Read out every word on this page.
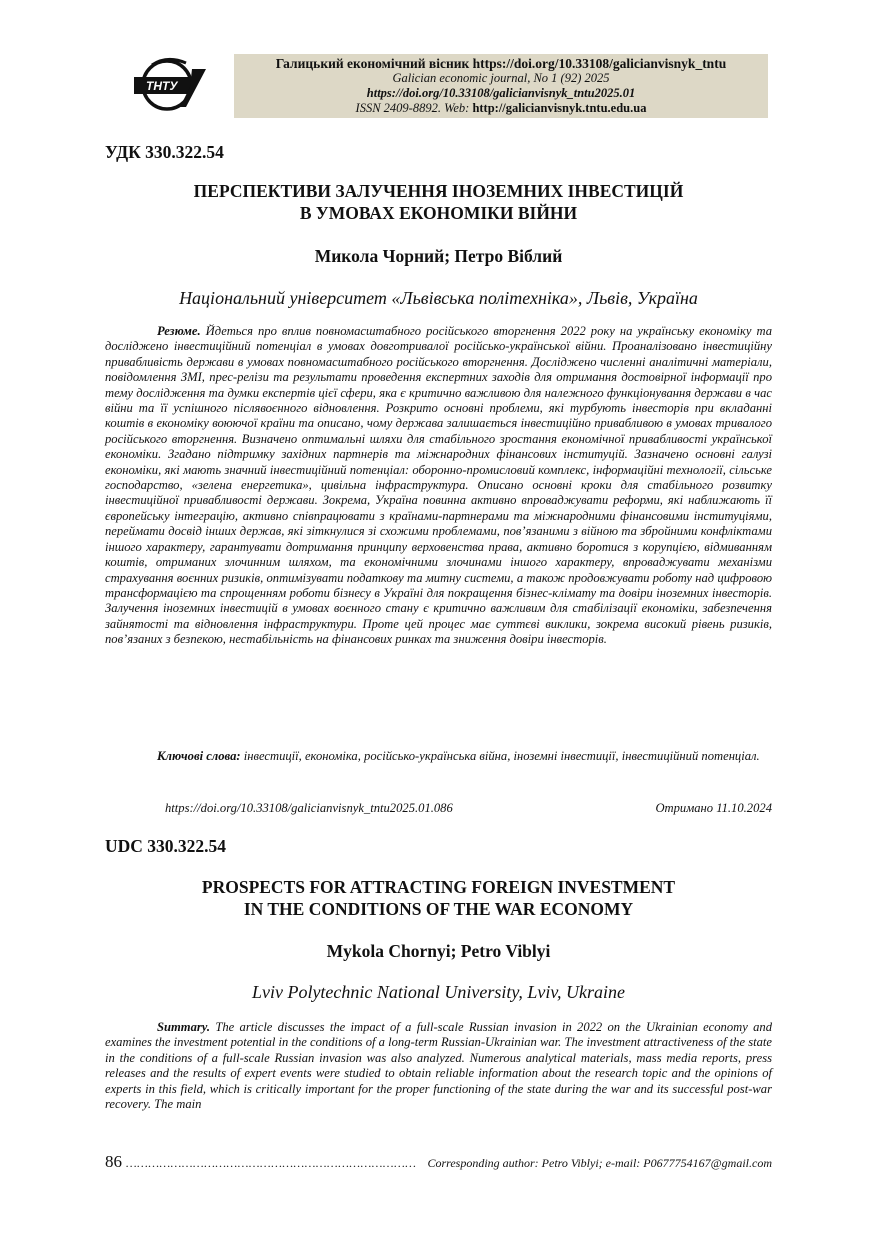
ТНТУ
Галицький економічний вісник https://doi.org/10.33108/galicianvisnyk_tntu
Galician economic journal, No 1 (92) 2025
https://doi.org/10.33108/galicianvisnyk_tntu2025.01
ISSN 2409-8892. Web: http://galicianvisnyk.tntu.edu.ua
УДК 330.322.54
ПЕРСПЕКТИВИ ЗАЛУЧЕННЯ ІНОЗЕМНИХ ІНВЕСТИЦІЙ
В УМОВАХ ЕКОНОМІКИ ВІЙНИ
Микола Чорний; Петро Віблий
Національний університет «Львівська політехніка», Львів, Україна

Резюме. Йдеться про вплив повномасштабного російського вторгнення 2022 року на українську економіку та досліджено інвестиційний потенціал в умовах довготривалої російсько-української війни. Проаналізовано інвестиційну привабливість держави в умовах повномасштабного російського вторгнення. Досліджено численні аналітичні матеріали, повідомлення ЗМІ, прес-релізи та результати проведення експертних заходів для отримання достовірної інформації про тему дослідження та думки експертів цієї сфери, яка є критично важливою для належного функціонування держави в час війни та її успішного післявоєнного відновлення. Розкрито основні проблеми, які турбують інвесторів при вкладанні коштів в економіку воюючої країни та описано, чому держава залишається інвестиційно привабливою в умовах тривалого російського вторгнення. Визначено оптимальні шляхи для стабільного зростання економічної привабливості української економіки. Згадано підтримку західних партнерів та міжнародних фінансових інституцій. Зазначено основні галузі економіки, які мають значний інвестиційний потенціал: оборонно-промисловий комплекс, інформаційні технології, сільське господарство, «зелена енергетика», цивільна інфраструктура. Описано основні кроки для стабільного розвитку інвестиційної привабливості держави. Зокрема, Україна повинна активно впроваджувати реформи, які наближають її європейську інтеграцію, активно співпрацювати з країнами-партнерами та міжнародними фінансовими інституціями, переймати досвід інших держав, які зіткнулися зі схожими проблемами, пов’язаними з війною та збройними конфліктами іншого характеру, гарантувати дотримання принципу верховенства права, активно боротися з корупцією, відмиванням коштів, отриманих злочинним шляхом, та економічними злочинами іншого характеру, впроваджувати механізми страхування воєнних ризиків, оптимізувати податкову та митну системи, а також продовжувати роботу над цифровою трансформацією та спрощенням роботи бізнесу в Україні для покращення бізнес-клімату та довіри іноземних інвесторів. Залучення іноземних інвестицій в умовах воєнного стану є критично важливим для стабілізації економіки, забезпечення зайнятості та відновлення інфраструктури. Проте цей процес має суттєві виклики, зокрема високий рівень ризиків, пов’язаних з безпекою, нестабільність на фінансових ринках та зниження довіри інвесторів.

Ключові слова: інвестиції, економіка, російсько-українська війна, іноземні інвестиції, інвестиційний потенціал.

https://doi.org/10.33108/galicianvisnyk_tntu2025.01.086	Отримано 11.10.2024
UDC 330.322.54
PROSPECTS FOR ATTRACTING FOREIGN INVESTMENT
IN THE CONDITIONS OF THE WAR ECONOMY
Mykola Chornyi; Petro Viblyi
Lviv Polytechnic National University, Lviv, Ukraine

Summary. The article discusses the impact of a full-scale Russian invasion in 2022 on the Ukrainian economy and examines the investment potential in the conditions of a long-term Russian-Ukrainian war. The investment attractiveness of the state in the conditions of a full-scale Russian invasion was also analyzed. Numerous analytical materials, mass media reports, press releases and the results of expert events were studied to obtain reliable information about the research topic and the opinions of experts in this field, which is critically important for the proper functioning of the state during the war and its successful post-war recovery. The main

86 …………………………………………………………………… Corresponding author: Petro Viblyi; e-mail: P0677754167@gmail.com
